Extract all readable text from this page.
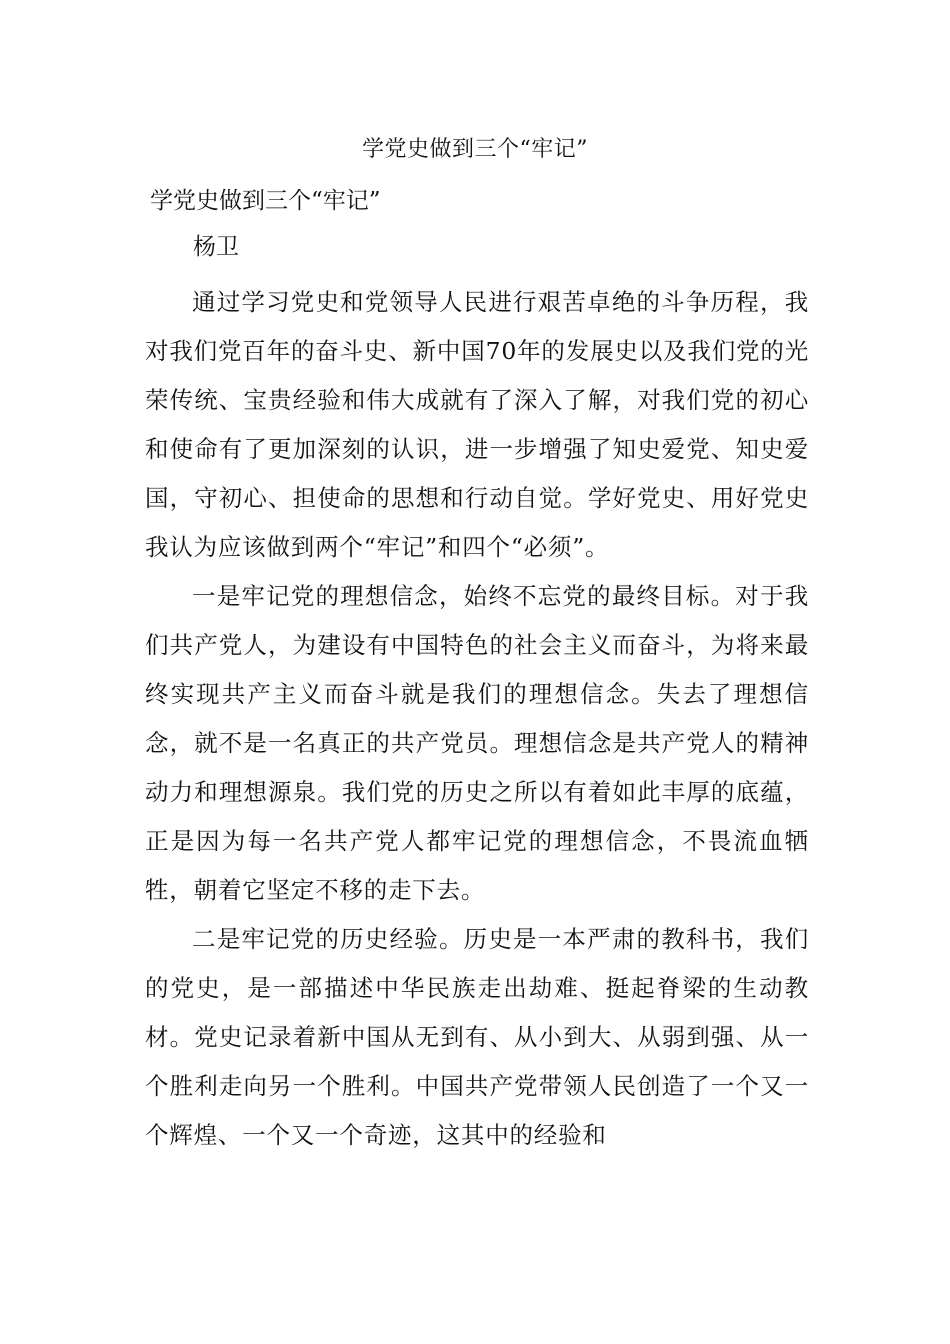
学党史做到三个“牢记”
学党史做到三个“牢记”
杨卫

通过学习党史和党领导人民进行艰苦卓绝的斗争历程，我对我们党百年的奋斗史、新中国70年的发展史以及我们党的光荣传统、宝贵经验和伟大成就有了深入了解，对我们党的初心和使命有了更加深刻的认识，进一步增强了知史爱党、知史爱国，守初心、担使命的思想和行动自觉。学好党史、用好党史我认为应该做到两个“牢记”和四个“必须”。

一是牢记党的理想信念，始终不忘党的最终目标。对于我们共产党人，为建设有中国特色的社会主义而奋斗，为将来最终实现共产主义而奋斗就是我们的理想信念。失去了理想信念，就不是一名真正的共产党员。理想信念是共产党人的精神动力和理想源泉。我们党的历史之所以有着如此丰厚的底蕴，正是因为每一名共产党人都牢记党的理想信念，不畏流血牺牲，朝着它坚定不移的走下去。

二是牢记党的历史经验。历史是一本严肃的教科书，我们的党史，是一部描述中华民族走出劫难、挺起脊梁的生动教材。党史记录着新中国从无到有、从小到大、从弱到强、从一个胜利走向另一个胜利。中国共产党带领人民创造了一个又一个辉煌、一个又一个奇迹，这其中的经验和
